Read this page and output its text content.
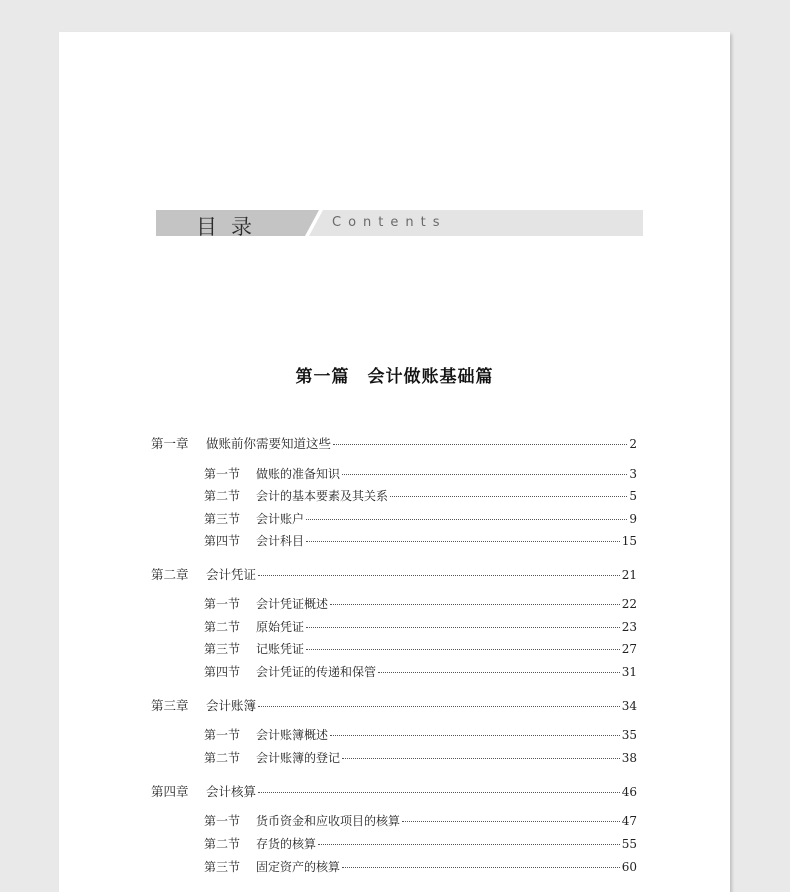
目录	Contents
第一篇　会计做账基础篇
第一章	做账前你需要知道这些	2
第一节	做账的准备知识	3
第二节	会计的基本要素及其关系	5
第三节	会计账户	9
第四节	会计科目	15
第二章	会计凭证	21
第一节	会计凭证概述	22
第二节	原始凭证	23
第三节	记账凭证	27
第四节	会计凭证的传递和保管	31
第三章	会计账簿	34
第一节	会计账簿概述	35
第二节	会计账簿的登记	38
第四章	会计核算	46
第一节	货币资金和应收项目的核算	47
第二节	存货的核算	55
第三节	固定资产的核算	60
